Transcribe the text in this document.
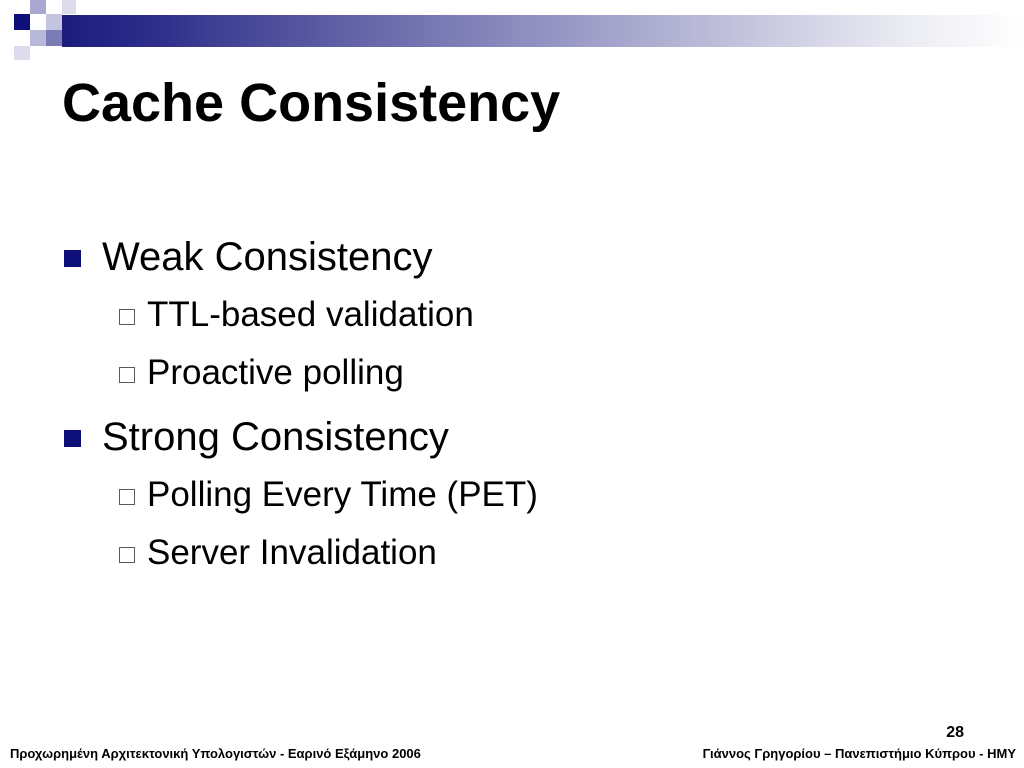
Cache Consistency
Weak Consistency
TTL-based validation
Proactive polling
Strong Consistency
Polling Every Time (PET)
Server Invalidation
28
Προχωρημένη Αρχιτεκτονική Υπολογιστών - Εαρινό Εξάμηνο 2006	Γιάννος Γρηγορίου – Πανεπιστήμιο Κύπρου - ΗΜΥ
